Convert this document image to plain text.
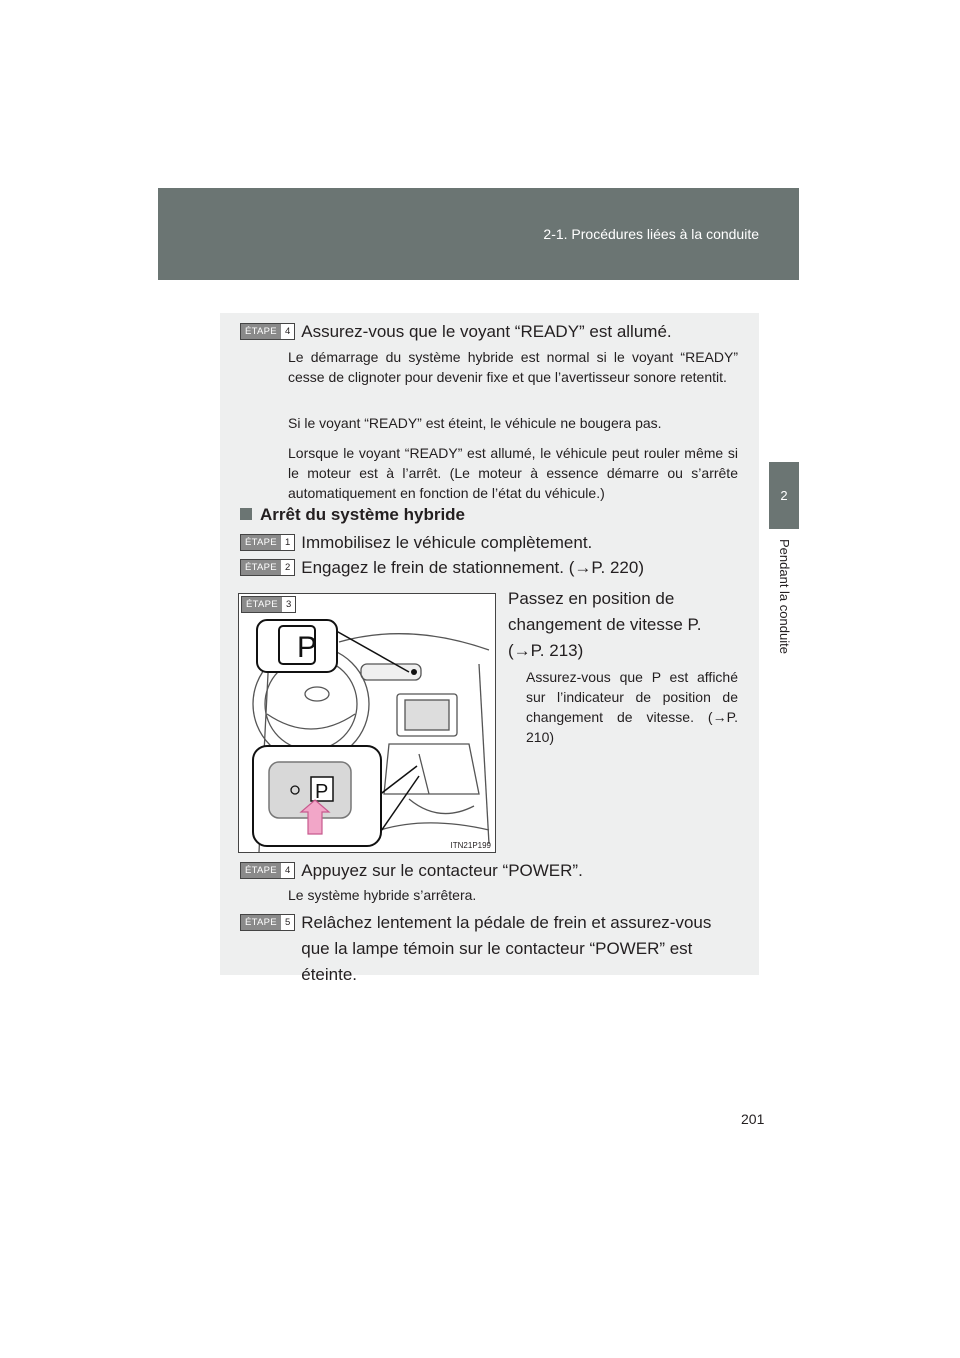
2-1. Procédures liées à la conduite
2
Pendant la conduite
ÉTAPE 4 Assurez-vous que le voyant “READY” est allumé.
Le démarrage du système hybride est normal si le voyant “READY” cesse de clignoter pour devenir fixe et que l’avertisseur sonore retentit.
Si le voyant “READY” est éteint, le véhicule ne bougera pas.
Lorsque le voyant “READY” est allumé, le véhicule peut rouler même si le moteur est à l’arrêt. (Le moteur à essence démarre ou s’arrête automatiquement en fonction de l’état du véhicule.)
Arrêt du système hybride
ÉTAPE 1 Immobilisez le véhicule complètement.
ÉTAPE 2 Engagez le frein de stationnement. (→P. 220)
P
P
ÉTAPE 3
ITN21P199
Passez en position de changement de vitesse P. (→P. 213)
Assurez-vous que P est affiché sur l’indicateur de position de changement de vitesse. (→P. 210)
ÉTAPE 4 Appuyez sur le contacteur “POWER”.
Le système hybride s’arrêtera.
ÉTAPE 5 Relâchez lentement la pédale de frein et assurez-vous que la lampe témoin sur le contacteur “POWER” est éteinte.
201
